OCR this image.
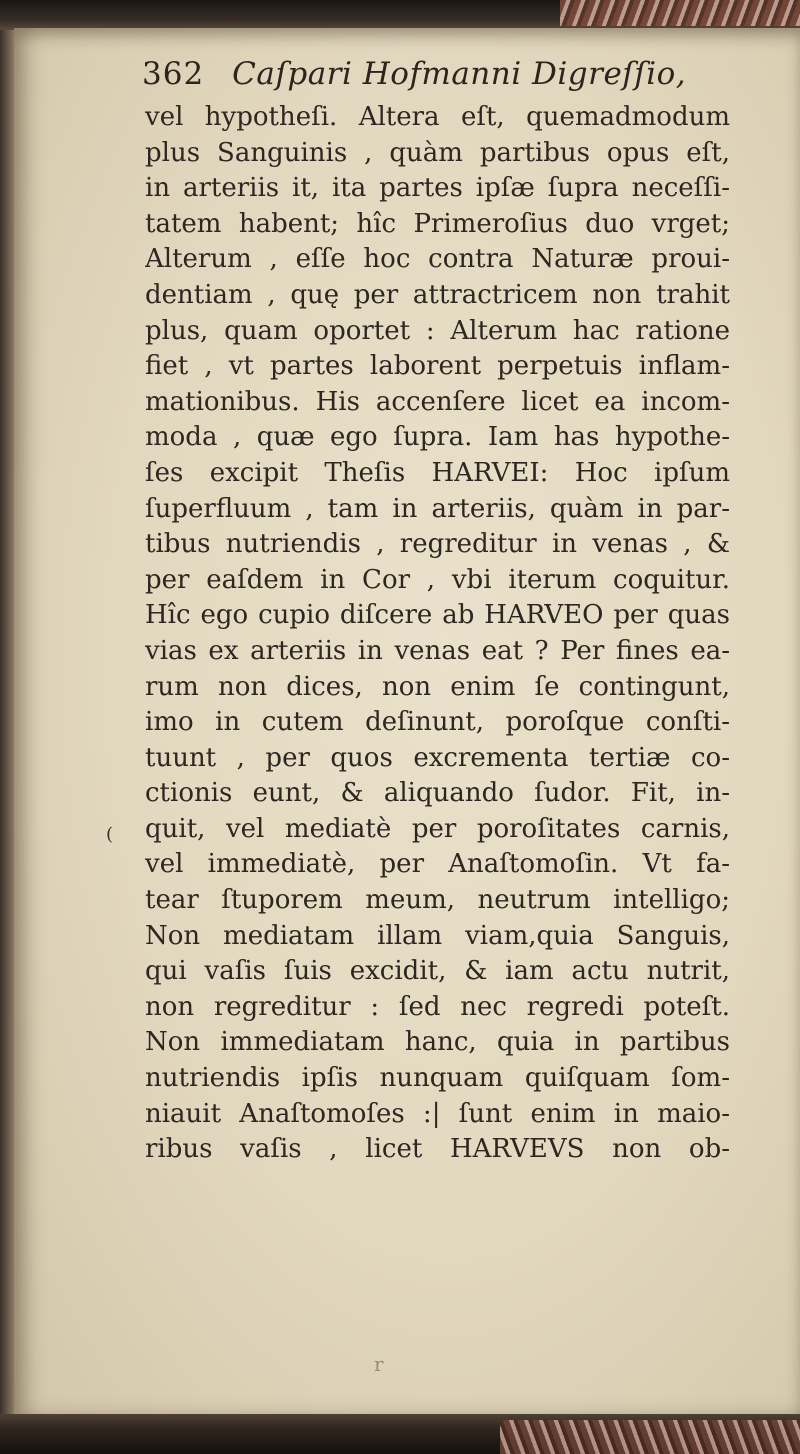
362 Caſpari Hofmanni Digreſſio,
vel hypotheſi. Altera eſt, quemadmodum
plus Sanguinis , quàm partibus opus eſt,
in arteriis it, ita partes ipſæ ſupra neceſſi-
tatem habent; hîc Primeroſius duo vrget;
Alterum , eſſe hoc contra Naturæ proui-
dentiam , quę per attractricem non trahit
plus, quam oportet : Alterum hac ratione
fiet , vt partes laborent perpetuis inflam-
mationibus. His accenſere licet ea incom-
moda , quæ ego ſupra. Iam has hypothe-
ſes excipit Theſis HARVEI: Hoc ipſum
ſuperfluum , tam in arteriis, quàm in par-
tibus nutriendis , regreditur in venas , &
per eaſdem in Cor , vbi iterum coquitur.
Hîc ego cupio diſcere ab HARVEO per quas
vias ex arteriis in venas eat ? Per fines ea-
rum non dices, non enim ſe contingunt,
imo in cutem deſinunt, poroſque conſti-
tuunt , per quos excrementa tertiæ co-
ctionis eunt, & aliquando ſudor. Fit, in-
quit, vel mediatè per poroſitates carnis,
vel immediatè, per Anaſtomoſin. Vt fa-
tear ſtuporem meum, neutrum intelligo;
Non mediatam illam viam,quia Sanguis,
qui vaſis ſuis excidit, & iam actu nutrit,
non regreditur : ſed nec regredi poteſt.
Non immediatam hanc, quia in partibus
nutriendis ipſis nunquam quiſquam ſom-
niauit Anaſtomoſes :| ſunt enim in maio-
ribus vaſis , licet HARVEVS non ob-
(
r
